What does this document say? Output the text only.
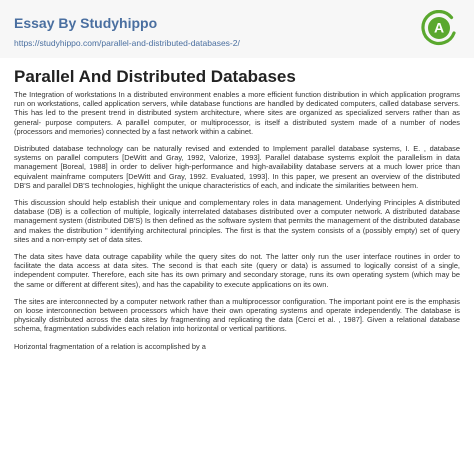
Essay By Studyhippo
https://studyhippo.com/parallel-and-distributed-databases-2/
A
Parallel And Distributed Databases

The Integration of workstations In a distributed environment enables a more efficient function distribution in which application programs run on workstations, called application servers, while database functions are handled by dedicated computers, called database servers. This has led to the present trend in distributed system architecture, where sites are organized as specialized servers rather than as general- purpose computers. A parallel computer, or multiprocessor, is itself a distributed system made of a number of nodes (processors and memories) connected by a fast network within a cabinet.

Distributed database technology can be naturally revised and extended to Implement parallel database systems, I. E. , database systems on parallel computers [DeWitt and Gray, 1992, Valorize, 1993]. Parallel database systems exploit the parallelism in data management [Boreal, 1988] in order to deliver high-performance and high-availability database servers at a much lower price than equivalent mainframe computers [DeWitt and Gray, 1992. Evaluated, 1993]. In this paper, we present an overview of the distributed DB'S and parallel DB'S technologies, highlight the unique characteristics of each, and indicate the similarities between hem.

This discussion should help establish their unique and complementary roles in data management. Underlying Principles A distributed database (DB) is a collection of multiple, logically interrelated databases distributed over a computer network. A distributed database management system (distributed DB'S) Is then defined as the software system that permits the management of the distributed database and makes the distribution " identifying architectural principles. The first is that the system consists of a (possibly empty) set of query sites and a non-empty set of data sites.

The data sites have data outrage capability while the query sites do not. The latter only run the user interface routines in order to facilitate the data access at data sites. The second is that each site (query or data) is assumed to logically consist of a single, independent computer. Therefore, each site has its own primary and secondary storage, runs its own operating system (which may be the same or different at different sites), and has the capability to execute applications on its own.

The sites are interconnected by a computer network rather than a multiprocessor configuration. The important point ere is the emphasis on loose interconnection between processors which have their own operating systems and operate independently. The database is physically distributed across the data sites by fragmenting and replicating the data [Cerci et al. , 1987]. Given a relational database schema, fragmentation subdivides each relation into horizontal or vertical partitions.

Horizontal fragmentation of a relation is accomplished by a
